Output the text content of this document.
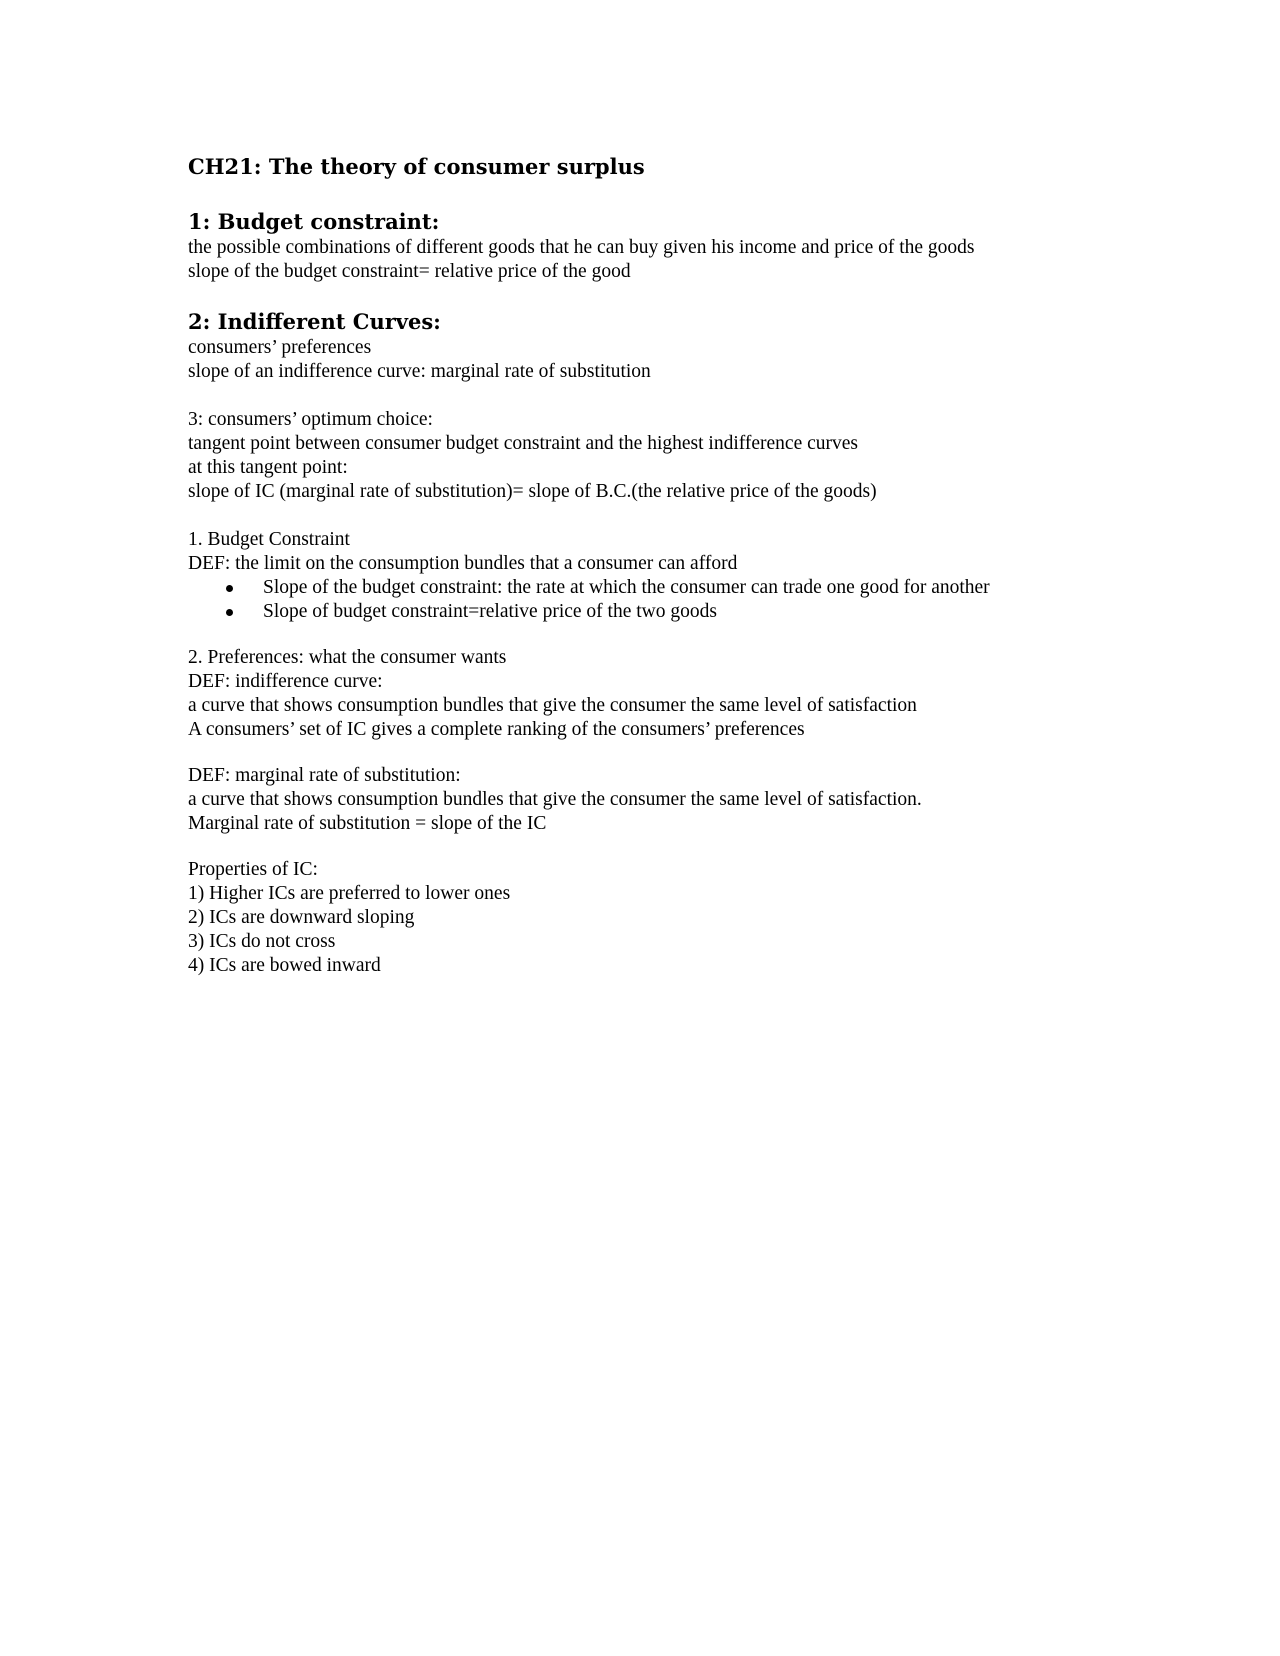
CH21: The theory of consumer surplus
1: Budget constraint:

the possible combinations of different goods that he can buy given his income and price of the goods

slope of the budget constraint= relative price of the good

2: Indifferent Curves:

consumers’ preferences

slope of an indifference curve: marginal rate of substitution

3: consumers’ optimum choice:

tangent point between consumer budget constraint and the highest indifference curves

at this tangent point:

slope of IC (marginal rate of substitution)= slope of B.C.(the relative price of the goods)

1. Budget Constraint

DEF: the limit on the consumption bundles that a consumer can afford

Slope of the budget constraint: the rate at which the consumer can trade one good for another
Slope of budget constraint=relative price of the two goods

2. Preferences: what the consumer wants

DEF: indifference curve:

a curve that shows consumption bundles that give the consumer the same level of satisfaction

A consumers’ set of IC gives a complete ranking of the consumers’ preferences

DEF: marginal rate of substitution:

a curve that shows consumption bundles that give the consumer the same level of satisfaction.

Marginal rate of substitution = slope of the IC

Properties of IC:

1) Higher ICs are preferred to lower ones

2) ICs are downward sloping

3) ICs do not cross

4) ICs are bowed inward
